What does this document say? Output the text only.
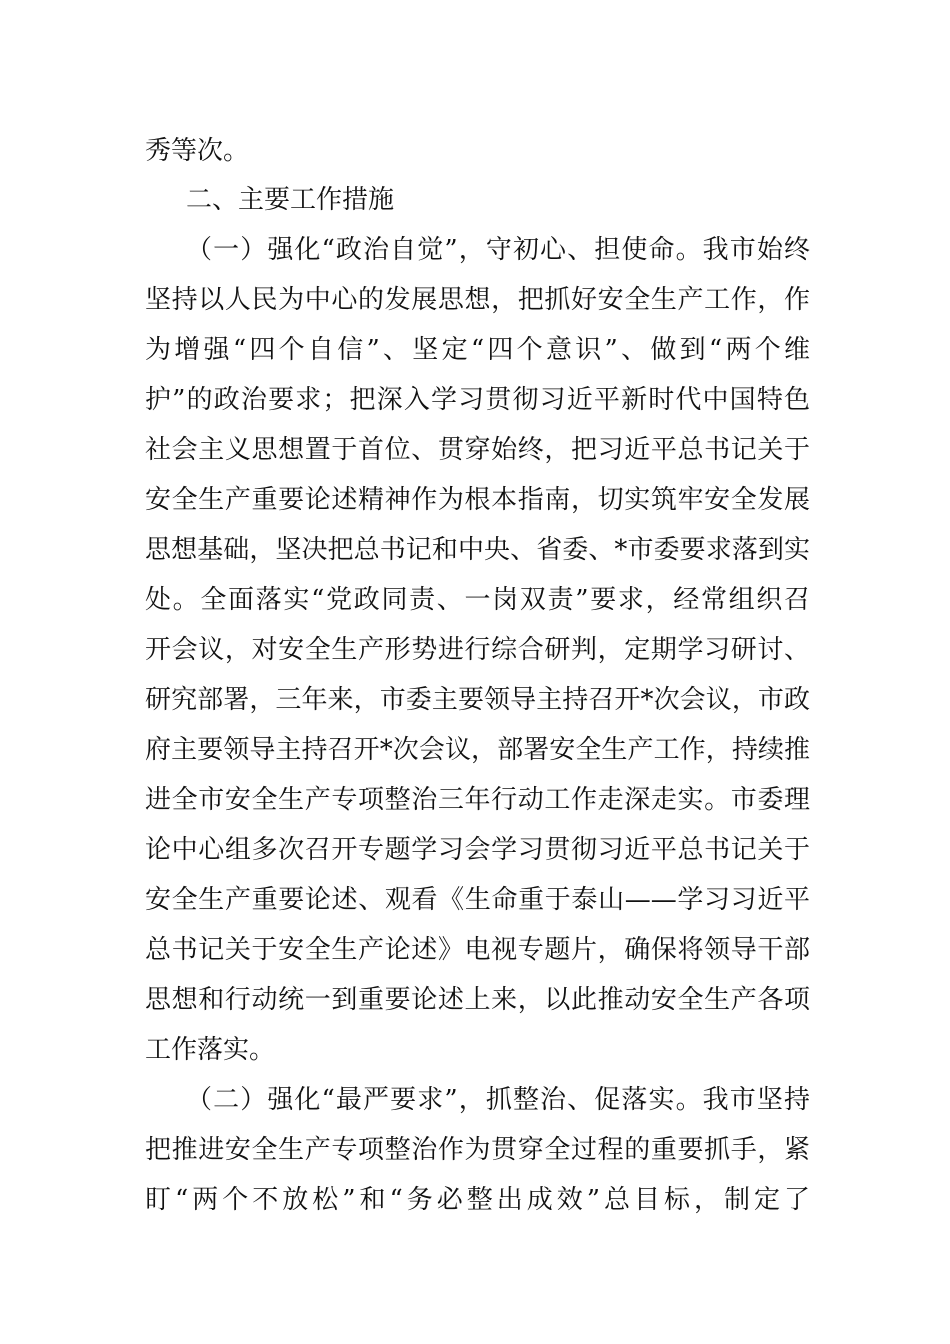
秀等次。
二、主要工作措施
（一）强化“政治自觉”，守初心、担使命。我市始终
坚持以人民为中心的发展思想，把抓好安全生产工作，作
为增强“四个自信”、坚定“四个意识”、做到“两个维
护”的政治要求；把深入学习贯彻习近平新时代中国特色
社会主义思想置于首位、贯穿始终，把习近平总书记关于
安全生产重要论述精神作为根本指南，切实筑牢安全发展
思想基础，坚决把总书记和中央、省委、*市委要求落到实
处。全面落实“党政同责、一岗双责”要求，经常组织召
开会议，对安全生产形势进行综合研判，定期学习研讨、
研究部署，三年来，市委主要领导主持召开*次会议，市政
府主要领导主持召开*次会议，部署安全生产工作，持续推
进全市安全生产专项整治三年行动工作走深走实。市委理
论中心组多次召开专题学习会学习贯彻习近平总书记关于
安全生产重要论述、观看《生命重于泰山——学习习近平
总书记关于安全生产论述》电视专题片，确保将领导干部
思想和行动统一到重要论述上来，以此推动安全生产各项
工作落实。
（二）强化“最严要求”，抓整治、促落实。我市坚持
把推进安全生产专项整治作为贯穿全过程的重要抓手，紧
盯“两个不放松”和“务必整出成效”总目标，制定了
